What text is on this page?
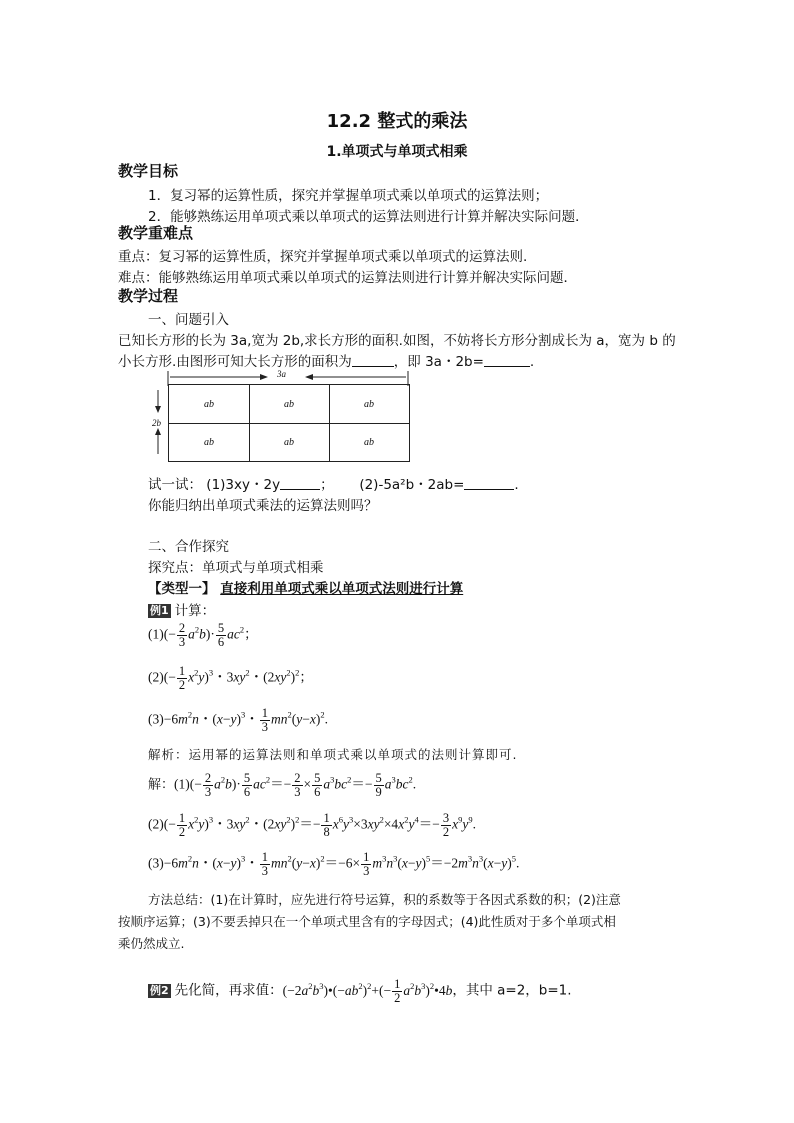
12.2 整式的乘法
1.单项式与单项式相乘
教学目标
1．复习幂的运算性质，探究并掌握单项式乘以单项式的运算法则；
2．能够熟练运用单项式乘以单项式的运算法则进行计算并解决实际问题．
教学重难点
重点：复习幂的运算性质，探究并掌握单项式乘以单项式的运算法则.
难点：能够熟练运用单项式乘以单项式的运算法则进行计算并解决实际问题．
教学过程
一、问题引入
已知长方形的长为 3a,宽为 2b,求长方形的面积.如图，不妨将长方形分割成长为 a，宽为 b 的
小长方形.由图形可知大长方形的面积为	，即 3a・2b=	.
3a
2b
ab	ab	ab
ab	ab	ab
试一试： (1)3xy・2y	；      (2)-5a²b・2ab=	.
你能归纳出单项式乘法的运算法则吗？
二、合作探究
探究点：单项式与单项式相乘
【类型一】 直接利用单项式乘以单项式法则进行计算
例1 计算：
$(1)(- \frac{2}{3} a^2b)\cdot \frac{5}{6} ac^2$；
$(2)(- \frac{1}{2} x^2y)^3$・$3xy^2$・$(2xy^2)^2$；
$(3)-6m^2n$・$(x-y)^3$・ $\frac{1}{3} mn^2(y-x)^2$.
解析：运用幂的运算法则和单项式乘以单项式的法则计算即可.
解：$(1)(- \frac{2}{3} a^2b)\cdot \frac{5}{6} ac^2=- \frac{2}{3} \times \frac{5}{6} a^3bc^2=- \frac{5}{9} a^3bc^2$.
$(2)(- \frac{1}{2} x^2y)^3$・$3xy^2$・$(2xy^2)^2=- \frac{1}{8} x^6y^3\times 3xy^2\times 4x^2y^4=- \frac{3}{2} x^9y^9$.
$(3)-6m^2n$・$(x-y)^3$・ $\frac{1}{3} mn^2(y-x)^2=-6\times \frac{1}{3} m^3n^3(x-y)^5=-2m^3n^3(x-y)^5$.
方法总结：(1)在计算时，应先进行符号运算，积的系数等于各因式系数的积；(2)注意
按顺序运算；(3)不要丢掉只在一个单项式里含有的字母因式；(4)此性质对于多个单项式相
乘仍然成立.
例2 先化简，再求值：$(-2a^2b^3)•(-ab^2)^2+(- \frac{1}{2}$ $a^2b^3)^2•4b$，其中 a=2，b=1.
